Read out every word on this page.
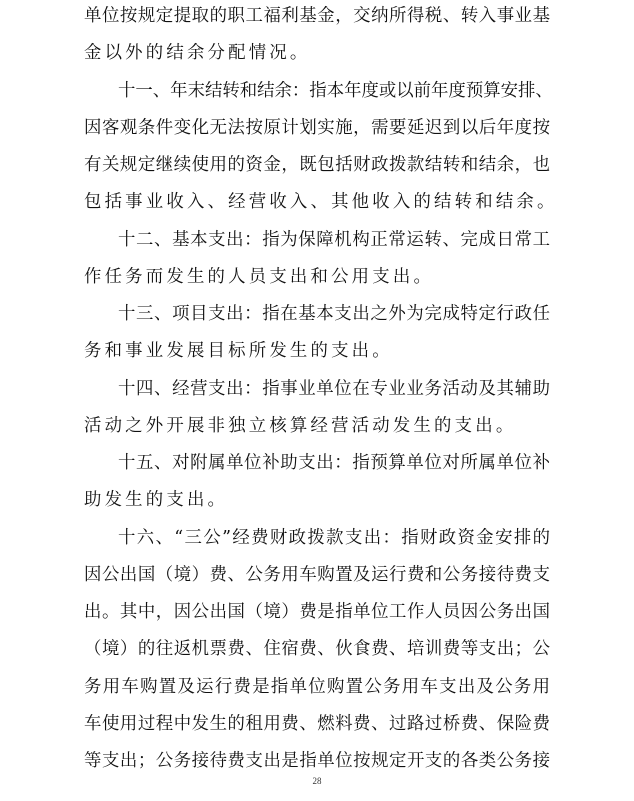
单位按规定提取的职工福利基金，交纳所得税、转入事业基
金以外的结余分配情况。
十一、年末结转和结余：指本年度或以前年度预算安排、
因客观条件变化无法按原计划实施，需要延迟到以后年度按
有关规定继续使用的资金，既包括财政拨款结转和结余，也
包括事业收入、经营收入、其他收入的结转和结余。
十二、基本支出：指为保障机构正常运转、完成日常工
作任务而发生的人员支出和公用支出。
十三、项目支出：指在基本支出之外为完成特定行政任
务和事业发展目标所发生的支出。
十四、经营支出：指事业单位在专业业务活动及其辅助
活动之外开展非独立核算经营活动发生的支出。
十五、对附属单位补助支出：指预算单位对所属单位补
助发生的支出。
十六、“三公”经费财政拨款支出：指财政资金安排的
因公出国（境）费、公务用车购置及运行费和公务接待费支
出。其中，因公出国（境）费是指单位工作人员因公务出国
（境）的往返机票费、住宿费、伙食费、培训费等支出；公
务用车购置及运行费是指单位购置公务用车支出及公务用
车使用过程中发生的租用费、燃料费、过路过桥费、保险费
等支出；公务接待费支出是指单位按规定开支的各类公务接
28
